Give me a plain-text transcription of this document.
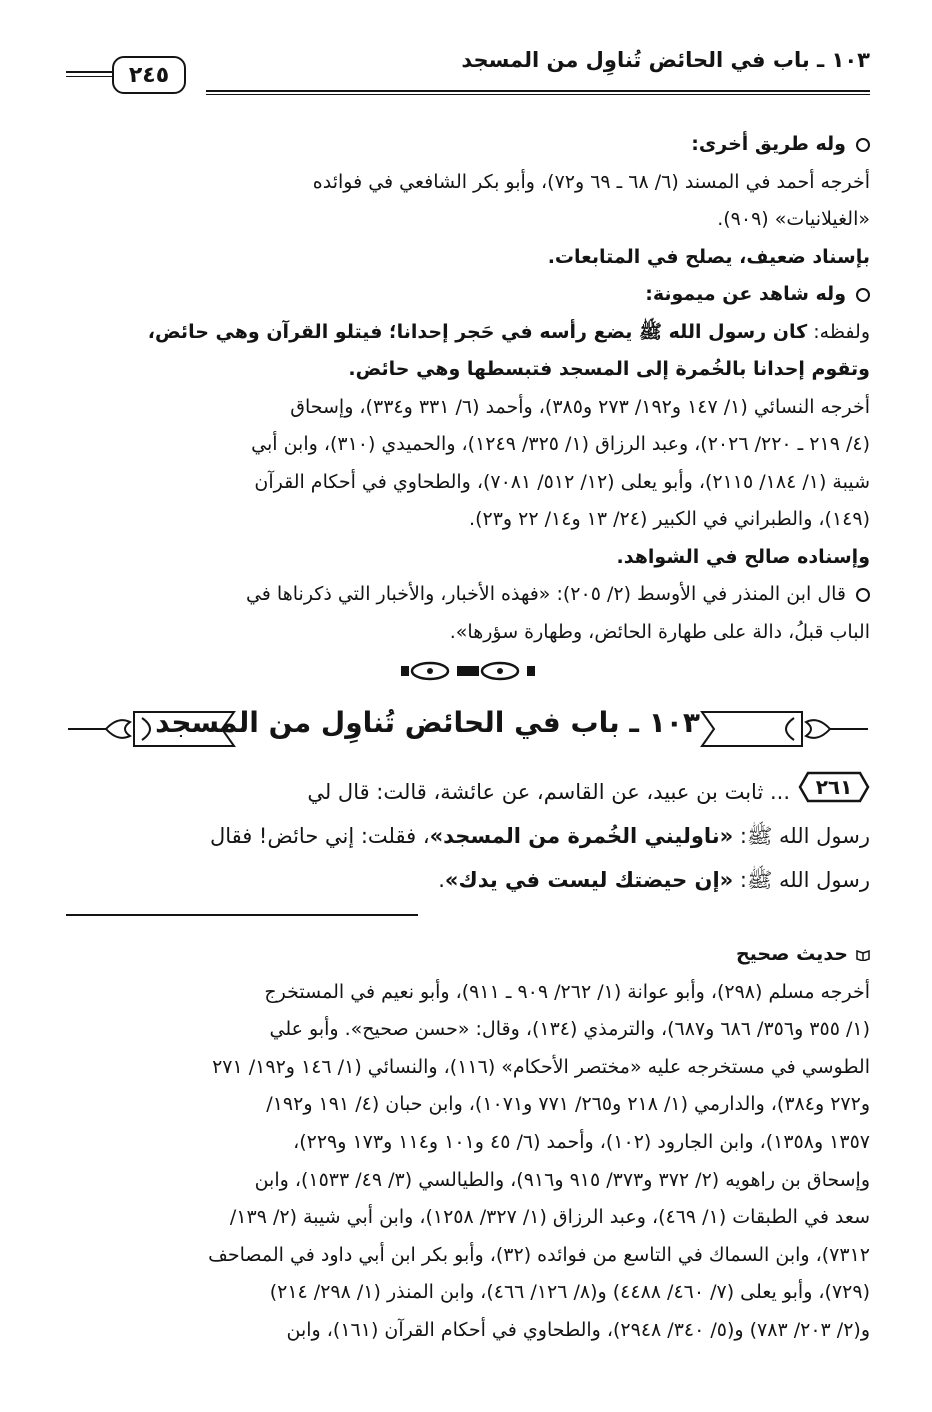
١٠٣ ـ باب في الحائض تُناوِل من المسجد
٢٤٥

وله طريق أخرى:

أخرجه أحمد في المسند (٦/ ٦٨ ـ ٦٩ و٧٢)، وأبو بكر الشافعي في فوائده

«الغيلانيات» (٩٠٩).

بإسناد ضعيف، يصلح في المتابعات.

وله شاهد عن ميمونة:

ولفظه: كان رسول الله ﷺ يضع رأسه في حَجر إحدانا؛ فيتلو القرآن وهي حائض،

وتقوم إحدانا بالخُمرة إلى المسجد فتبسطها وهي حائض.

أخرجه النسائي (١/ ١٤٧ و١٩٢/ ٢٧٣ و٣٨٥)، وأحمد (٦/ ٣٣١ و٣٣٤)، وإسحاق

(٤/ ٢١٩ ـ ٢٢٠/ ٢٠٢٦)، وعبد الرزاق (١/ ٣٢٥/ ١٢٤٩)، والحميدي (٣١٠)، وابن أبي

شيبة (١/ ١٨٤/ ٢١١٥)، وأبو يعلى (١٢/ ٥١٢/ ٧٠٨١)، والطحاوي في أحكام القرآن

(١٤٩)، والطبراني في الكبير (٢٤/ ١٣ و١٤/ ٢٢ و٢٣).

وإسناده صالح في الشواهد.

قال ابن المنذر في الأوسط (٢/ ٢٠٥): «فهذه الأخبار، والأخبار التي ذكرناها في

الباب قبلُ، دالة على طهارة الحائض، وطهارة سؤرها».

١٠٣ ـ باب في الحائض تُناوِل من المسجد

٢٦١
... ثابت بن عبيد، عن القاسم، عن عائشة، قالت: قال لي

رسول الله ﷺ: «ناوليني الخُمرة من المسجد»، فقلت: إني حائض! فقال

رسول الله ﷺ: «إن حيضتك ليست في يدك».

حديث صحيح

أخرجه مسلم (٢٩٨)، وأبو عوانة (١/ ٢٦٢/ ٩٠٩ ـ ٩١١)، وأبو نعيم في المستخرج

(١/ ٣٥٥ و٣٥٦/ ٦٨٦ و٦٨٧)، والترمذي (١٣٤)، وقال: «حسن صحيح». وأبو علي

الطوسي في مستخرجه عليه «مختصر الأحكام» (١١٦)، والنسائي (١/ ١٤٦ و١٩٢/ ٢٧١

و٢٧٢ و٣٨٤)، والدارمي (١/ ٢١٨ و٢٦٥/ ٧٧١ و١٠٧١)، وابن حبان (٤/ ١٩١ و١٩٢/

١٣٥٧ و١٣٥٨)، وابن الجارود (١٠٢)، وأحمد (٦/ ٤٥ و١٠١ و١١٤ و١٧٣ و٢٢٩)،

وإسحاق بن راهويه (٢/ ٣٧٢ و٣٧٣/ ٩١٥ و٩١٦)، والطيالسي (٣/ ٤٩/ ١٥٣٣)، وابن

سعد في الطبقات (١/ ٤٦٩)، وعبد الرزاق (١/ ٣٢٧/ ١٢٥٨)، وابن أبي شيبة (٢/ ١٣٩/

٧٣١٢)، وابن السماك في التاسع من فوائده (٣٢)، وأبو بكر ابن أبي داود في المصاحف

(٧٢٩)، وأبو يعلى (٧/ ٤٦٠/ ٤٤٨٨) و(٨/ ١٢٦/ ٤٦٦)، وابن المنذر (١/ ٢٩٨/ ٢١٤)

و(٢/ ٢٠٣/ ٧٨٣) و(٥/ ٣٤٠/ ٢٩٤٨)، والطحاوي في أحكام القرآن (١٦١)، وابن
